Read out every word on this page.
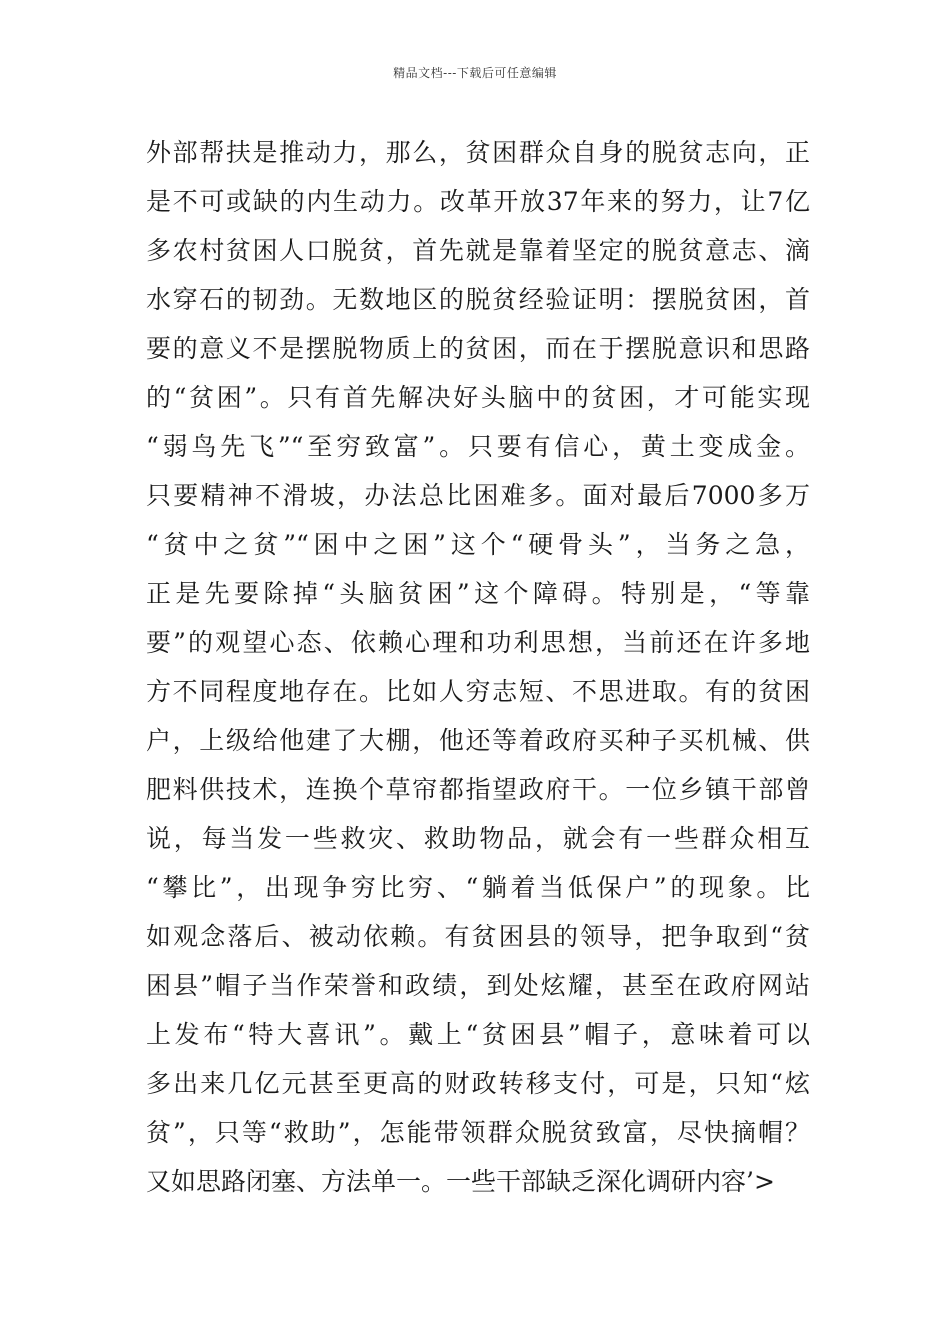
精品文档---下载后可任意编辑
外部帮扶是推动力，那么，贫困群众自身的脱贫志向，正
是不可或缺的内生动力。改革开放37年来的努力，让7亿
多农村贫困人口脱贫，首先就是靠着坚定的脱贫意志、滴
水穿石的韧劲。无数地区的脱贫经验证明：摆脱贫困，首
要的意义不是摆脱物质上的贫困，而在于摆脱意识和思路
的“贫困”。只有首先解决好头脑中的贫困，才可能实现
“弱鸟先飞”“至穷致富”。只要有信心，黄土变成金。
只要精神不滑坡，办法总比困难多。面对最后7000多万
“贫中之贫”“困中之困”这个“硬骨头”，当务之急，
正是先要除掉“头脑贫困”这个障碍。特别是，“等靠
要”的观望心态、依赖心理和功利思想，当前还在许多地
方不同程度地存在。比如人穷志短、不思进取。有的贫困
户，上级给他建了大棚，他还等着政府买种子买机械、供
肥料供技术，连换个草帘都指望政府干。一位乡镇干部曾
说，每当发一些救灾、救助物品，就会有一些群众相互
“攀比”，出现争穷比穷、“躺着当低保户”的现象。比
如观念落后、被动依赖。有贫困县的领导，把争取到“贫
困县”帽子当作荣誉和政绩，到处炫耀，甚至在政府网站
上发布“特大喜讯”。戴上“贫困县”帽子，意味着可以
多出来几亿元甚至更高的财政转移支付，可是，只知“炫
贫”，只等“救助”，怎能带领群众脱贫致富，尽快摘帽？
又如思路闭塞、方法单一。一些干部缺乏深化调研内容’>
